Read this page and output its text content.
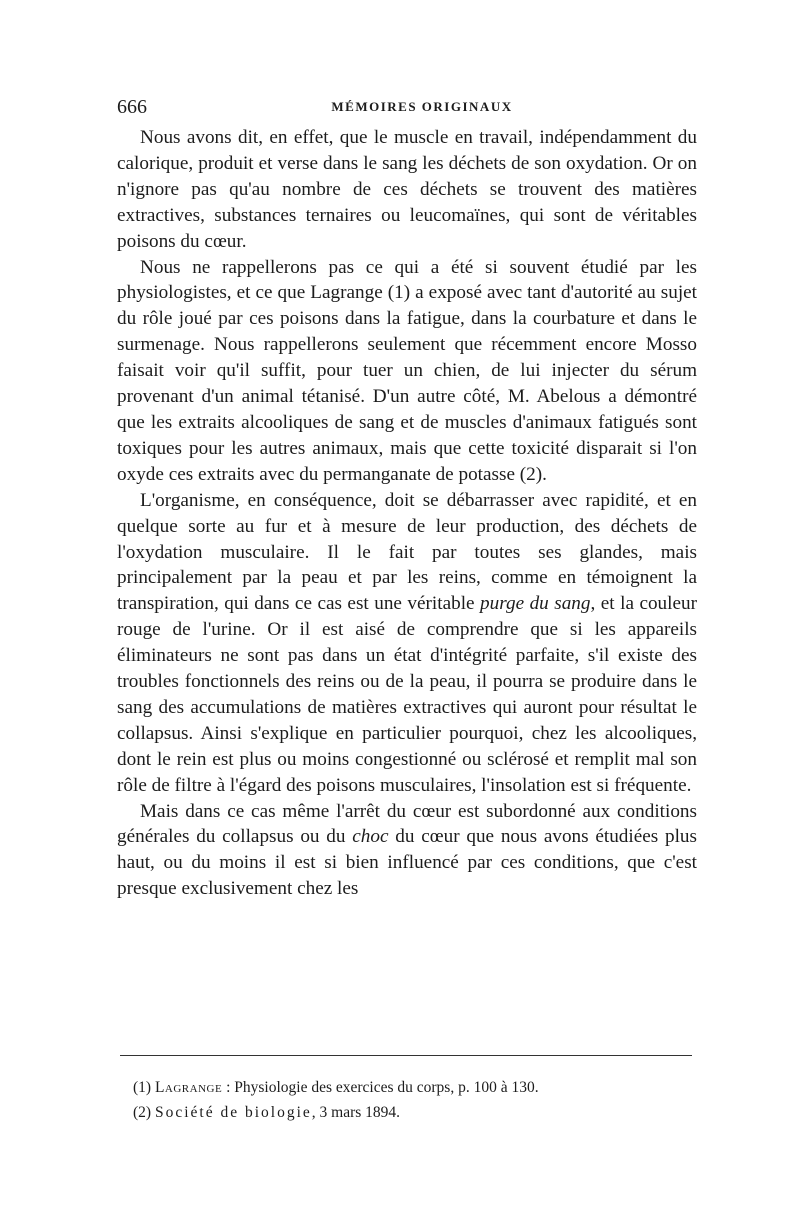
666	MÉMOIRES ORIGINAUX

Nous avons dit, en effet, que le muscle en travail, indépendamment du calorique, produit et verse dans le sang les déchets de son oxydation. Or on n'ignore pas qu'au nombre de ces déchets se trouvent des matières extractives, substances ternaires ou leucomaïnes, qui sont de véritables poisons du cœur.

Nous ne rappellerons pas ce qui a été si souvent étudié par les physiologistes, et ce que Lagrange (1) a exposé avec tant d'autorité au sujet du rôle joué par ces poisons dans la fatigue, dans la courbature et dans le surmenage. Nous rappellerons seulement que récemment encore Mosso faisait voir qu'il suffit, pour tuer un chien, de lui injecter du sérum provenant d'un animal tétanisé. D'un autre côté, M. Abelous a démontré que les extraits alcooliques de sang et de muscles d'animaux fatigués sont toxiques pour les autres animaux, mais que cette toxicité disparait si l'on oxyde ces extraits avec du permanganate de potasse (2).

L'organisme, en conséquence, doit se débarrasser avec rapidité, et en quelque sorte au fur et à mesure de leur production, des déchets de l'oxydation musculaire. Il le fait par toutes ses glandes, mais principalement par la peau et par les reins, comme en témoignent la transpiration, qui dans ce cas est une véritable purge du sang, et la couleur rouge de l'urine. Or il est aisé de comprendre que si les appareils éliminateurs ne sont pas dans un état d'intégrité parfaite, s'il existe des troubles fonctionnels des reins ou de la peau, il pourra se produire dans le sang des accumulations de matières extractives qui auront pour résultat le collapsus. Ainsi s'explique en particulier pourquoi, chez les alcooliques, dont le rein est plus ou moins congestionné ou sclérosé et remplit mal son rôle de filtre à l'égard des poisons musculaires, l'insolation est si fréquente.

Mais dans ce cas même l'arrêt du cœur est subordonné aux conditions générales du collapsus ou du choc du cœur que nous avons étudiées plus haut, ou du moins il est si bien influencé par ces conditions, que c'est presque exclusivement chez les

(1) Lagrange : Physiologie des exercices du corps, p. 100 à 130.

(2) Société de biologie, 3 mars 1894.
